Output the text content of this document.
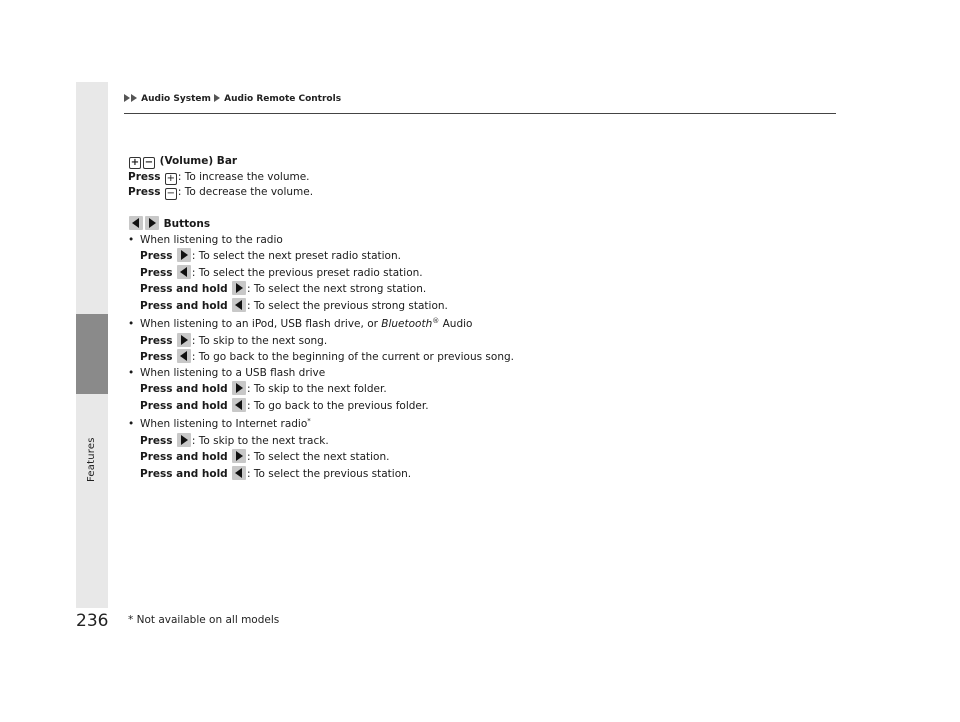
Features
Audio System Audio Remote Controls
+ − (Volume) Bar
Press + : To increase the volume.
Press − : To decrease the volume.
Buttons
• When listening to the radio
Press : To select the next preset radio station.
Press : To select the previous preset radio station.
Press and hold : To select the next strong station.
Press and hold : To select the previous strong station.
• When listening to an iPod, USB flash drive, or Bluetooth® Audio
Press : To skip to the next song.
Press : To go back to the beginning of the current or previous song.
• When listening to a USB flash drive
Press and hold : To skip to the next folder.
Press and hold : To go back to the previous folder.
• When listening to Internet radio*
Press : To skip to the next track.
Press and hold : To select the next station.
Press and hold : To select the previous station.
236 * Not available on all models
